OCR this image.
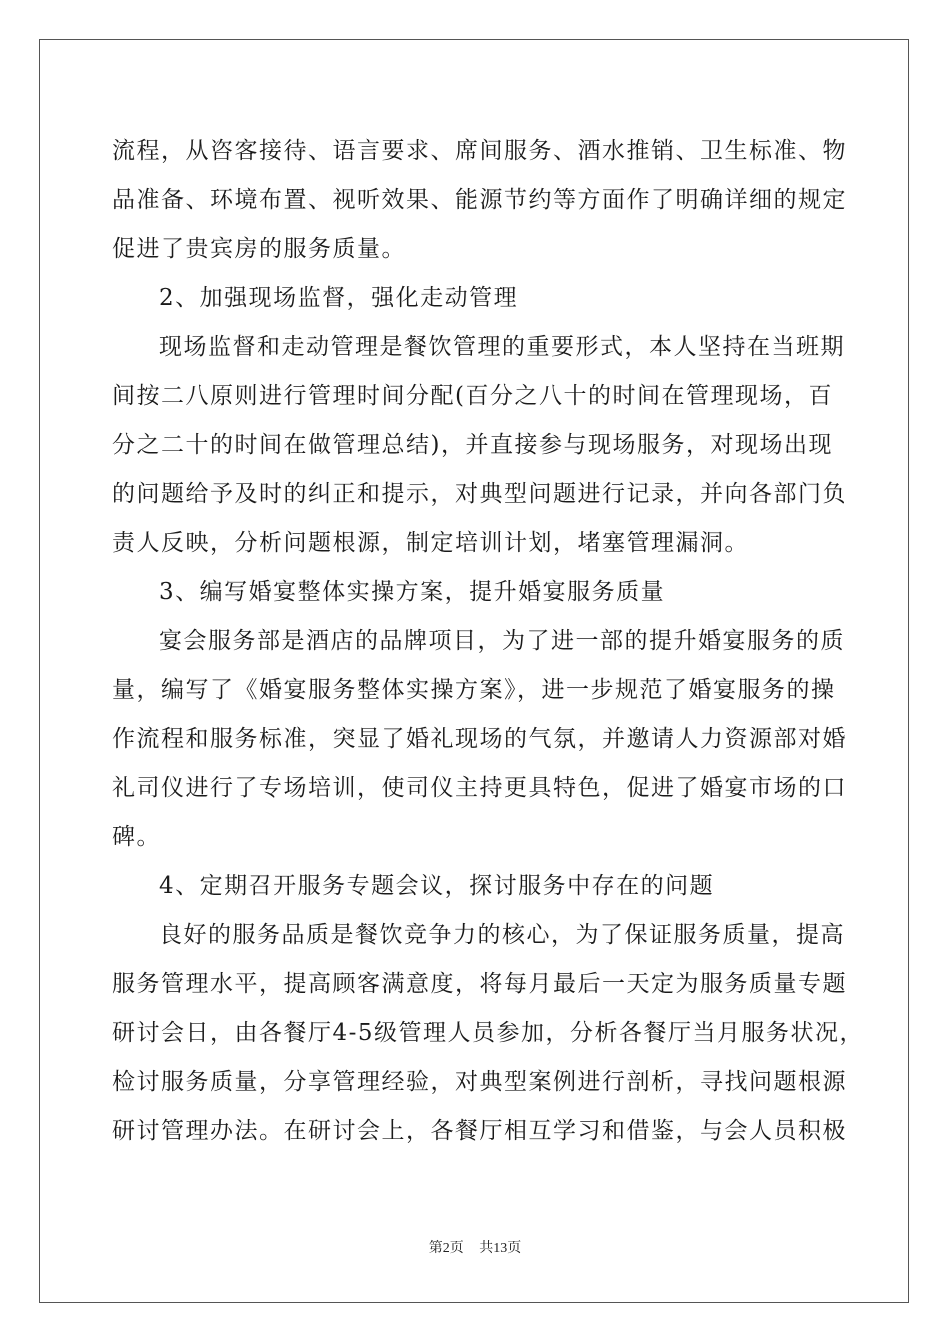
流程，从咨客接待、语言要求、席间服务、酒水推销、卫生标准、物
品准备、环境布置、视听效果、能源节约等方面作了明确详细的规定
促进了贵宾房的服务质量。
2、加强现场监督，强化走动管理
现场监督和走动管理是餐饮管理的重要形式，本人坚持在当班期
间按二八原则进行管理时间分配(百分之八十的时间在管理现场，百
分之二十的时间在做管理总结)，并直接参与现场服务，对现场出现
的问题给予及时的纠正和提示，对典型问题进行记录，并向各部门负
责人反映，分析问题根源，制定培训计划，堵塞管理漏洞。
3、编写婚宴整体实操方案，提升婚宴服务质量
宴会服务部是酒店的品牌项目，为了进一部的提升婚宴服务的质
量，编写了《婚宴服务整体实操方案》，进一步规范了婚宴服务的操
作流程和服务标准，突显了婚礼现场的气氛，并邀请人力资源部对婚
礼司仪进行了专场培训，使司仪主持更具特色，促进了婚宴市场的口
碑。
4、定期召开服务专题会议，探讨服务中存在的问题
良好的服务品质是餐饮竞争力的核心，为了保证服务质量，提高
服务管理水平，提高顾客满意度，将每月最后一天定为服务质量专题
研讨会日，由各餐厅4-5级管理人员参加，分析各餐厅当月服务状况，
检讨服务质量，分享管理经验，对典型案例进行剖析，寻找问题根源
研讨管理办法。在研讨会上，各餐厅相互学习和借鉴，与会人员积极
第2页 共13页
